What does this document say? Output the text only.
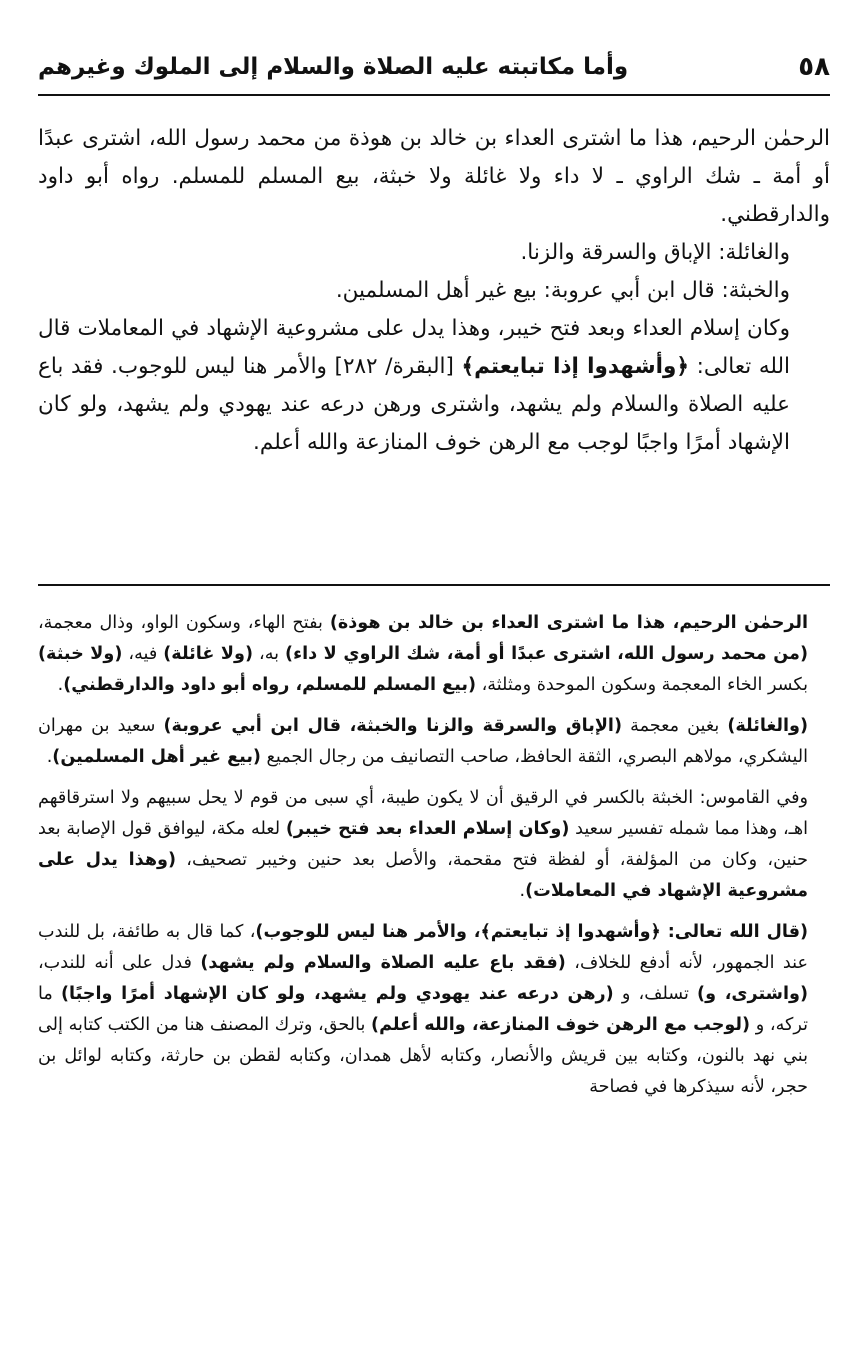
٥٨
وأما مكاتبته عليه الصلاة والسلام إلى الملوك وغيرهم

الرحمٰن الرحيم، هذا ما اشترى العداء بن خالد بن هوذة من محمد رسول الله، اشترى عبدًا أو أمة ـ شك الراوي ـ لا داء ولا غائلة ولا خبثة، بيع المسلم للمسلم. رواه أبو داود والدارقطني.

والغائلة: الإباق والسرقة والزنا.

والخبثة: قال ابن أبي عروبة: بيع غير أهل المسلمين.

وكان إسلام العداء وبعد فتح خيبر، وهذا يدل على مشروعية الإشهاد في المعاملات قال الله تعالى: ﴿وأشهدوا إذا تبايعتم﴾ [البقرة/ ٢٨٢] والأمر هنا ليس للوجوب. فقد باع عليه الصلاة والسلام ولم يشهد، واشترى ورهن درعه عند يهودي ولم يشهد، ولو كان الإشهاد أمرًا واجبًا لوجب مع الرهن خوف المنازعة والله أعلم.

الرحمٰن الرحيم، هذا ما اشترى العداء بن خالد بن هوذة) بفتح الهاء، وسكون الواو، وذال معجمة، (من محمد رسول الله، اشترى عبدًا أو أمة، شك الراوي لا داء) به، (ولا غائلة) فيه، (ولا خبثة) بكسر الخاء المعجمة وسكون الموحدة ومثلثة، (بيع المسلم للمسلم، رواه أبو داود والدارقطني).

(والغائلة) بغين معجمة (الإباق والسرقة والزنا والخبثة، قال ابن أبي عروبة) سعيد بن مهران اليشكري، مولاهم البصري، الثقة الحافظ، صاحب التصانيف من رجال الجميع (بيع غير أهل المسلمين).

وفي القاموس: الخبثة بالكسر في الرقيق أن لا يكون طيبة، أي سبى من قوم لا يحل سبيهم ولا استرقاقهم اهـ، وهذا مما شمله تفسير سعيد (وكان إسلام العداء بعد فتح خيبر) لعله مكة، ليوافق قول الإصابة بعد حنين، وكان من المؤلفة، أو لفظة فتح مقحمة، والأصل بعد حنين وخيبر تصحيف، (وهذا يدل على مشروعية الإشهاد في المعاملات).

(قال الله تعالى: ﴿وأشهدوا إذ تبايعتم﴾، والأمر هنا ليس للوجوب)، كما قال به طائفة، بل للندب عند الجمهور، لأنه أدفع للخلاف، (فقد باع عليه الصلاة والسلام ولم يشهد) فدل على أنه للندب، (واشترى، و) تسلف، و (رهن درعه عند يهودي ولم يشهد، ولو كان الإشهاد أمرًا واجبًا) ما تركه، و (لوجب مع الرهن خوف المنازعة، والله أعلم) بالحق، وترك المصنف هنا من الكتب كتابه إلى بني نهد بالنون، وكتابه بين قريش والأنصار، وكتابه لأهل همدان، وكتابه لقطن بن حارثة، وكتابه لوائل بن حجر، لأنه سيذكرها في فصاحة
